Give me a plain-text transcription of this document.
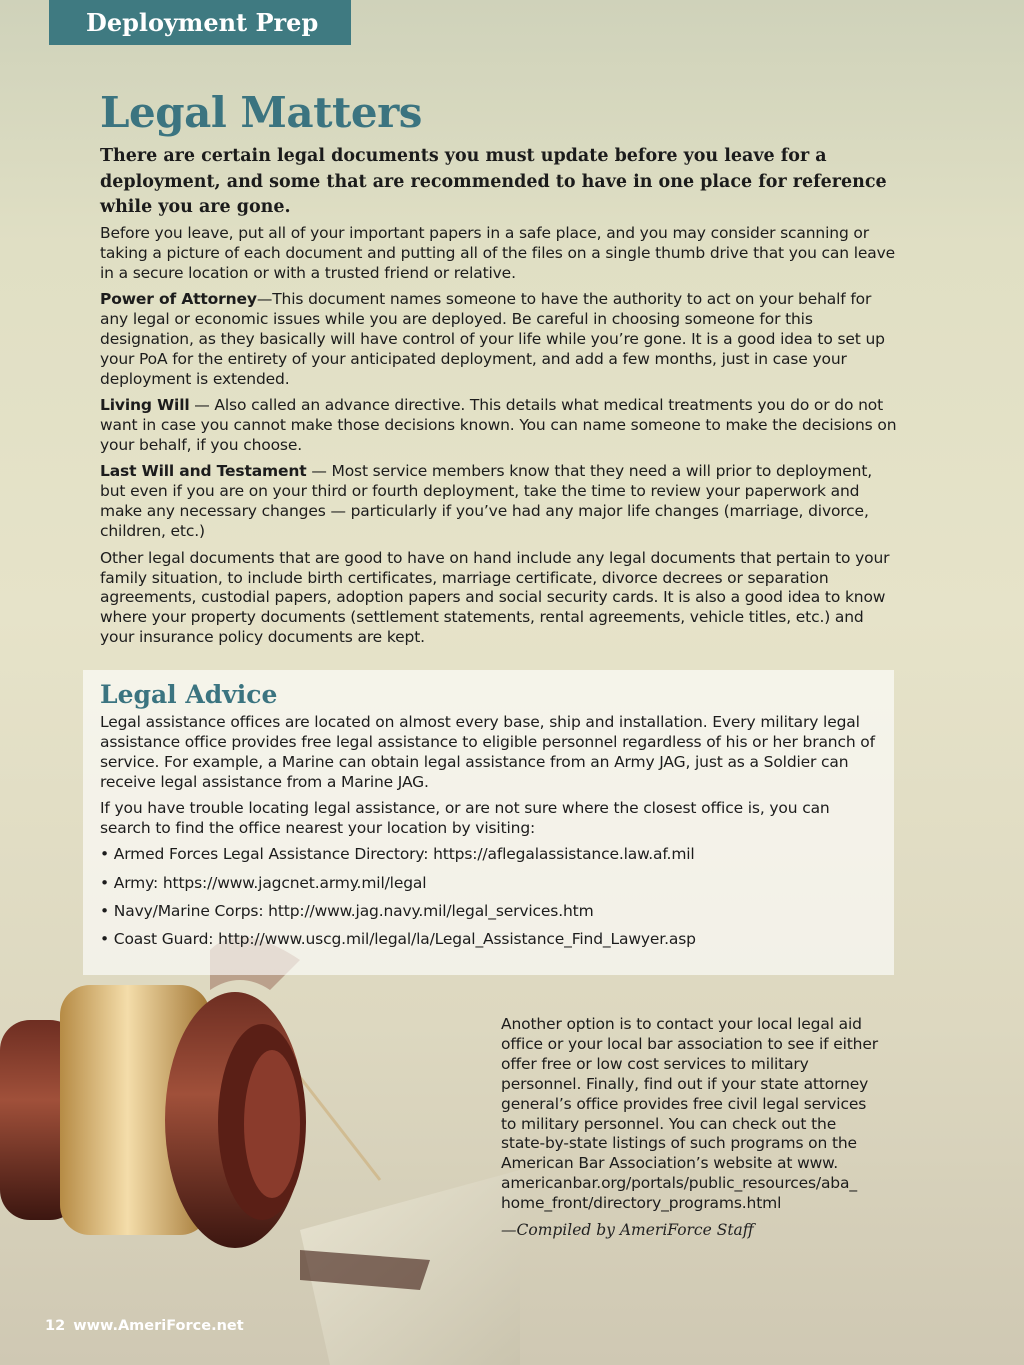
Deployment Prep
Legal Matters

There are certain legal documents you must update before you leave for a deployment, and some that are recommended to have in one place for reference while you are gone.

Before you leave, put all of your important papers in a safe place, and you may consider scanning or taking a picture of each document and putting all of the files on a single thumb drive that you can leave in a secure location or with a trusted friend or relative.

Power of Attorney—This document names someone to have the authority to act on your behalf for any legal or economic issues while you are deployed. Be careful in choosing someone for this designation, as they basically will have control of your life while you’re gone. It is a good idea to set up your PoA for the entirety of your anticipated deployment, and add a few months, just in case your deployment is extended.

Living Will — Also called an advance directive. This details what medical treatments you do or do not want in case you cannot make those decisions known. You can name someone to make the decisions on your behalf, if you choose.

Last Will and Testament — Most service members know that they need a will prior to deployment, but even if you are on your third or fourth deployment, take the time to review your paperwork and make any necessary changes — particularly if you’ve had any major life changes (marriage, divorce, children, etc.)

Other legal documents that are good to have on hand include any legal documents that pertain to your family situation, to include birth certificates, marriage certificate, divorce decrees or separation agreements, custodial papers, adoption papers and social security cards. It is also a good idea to know where your property documents (settlement statements, rental agreements, vehicle titles, etc.) and your insurance policy documents are kept.

Legal Advice

Legal assistance offices are located on almost every base, ship and installation. Every military legal assistance office provides free legal assistance to eligible personnel regardless of his or her branch of service. For example, a Marine can obtain legal assistance from an Army JAG, just as a Soldier can receive legal assistance from a Marine JAG.

If you have trouble locating legal assistance, or are not sure where the closest office is, you can search to find the office nearest your location by visiting:

• Armed Forces Legal Assistance Directory: https://aflegalassistance.law.af.mil
• Army: https://www.jagcnet.army.mil/legal
• Navy/Marine Corps: http://www.jag.navy.mil/legal_services.htm
• Coast Guard: http://www.uscg.mil/legal/la/Legal_Assistance_Find_Lawyer.asp

Another option is to contact your local legal aid office or your local bar association to see if either offer free or low cost services to military personnel. Finally, find out if your state attorney general’s office provides free civil legal services to military personnel. You can check out the state-by-state listings of such programs on the American Bar Association’s website at www. americanbar.org/portals/public_resources/aba_ home_front/directory_programs.html

—Compiled by AmeriForce Staff

12 www.AmeriForce.net
